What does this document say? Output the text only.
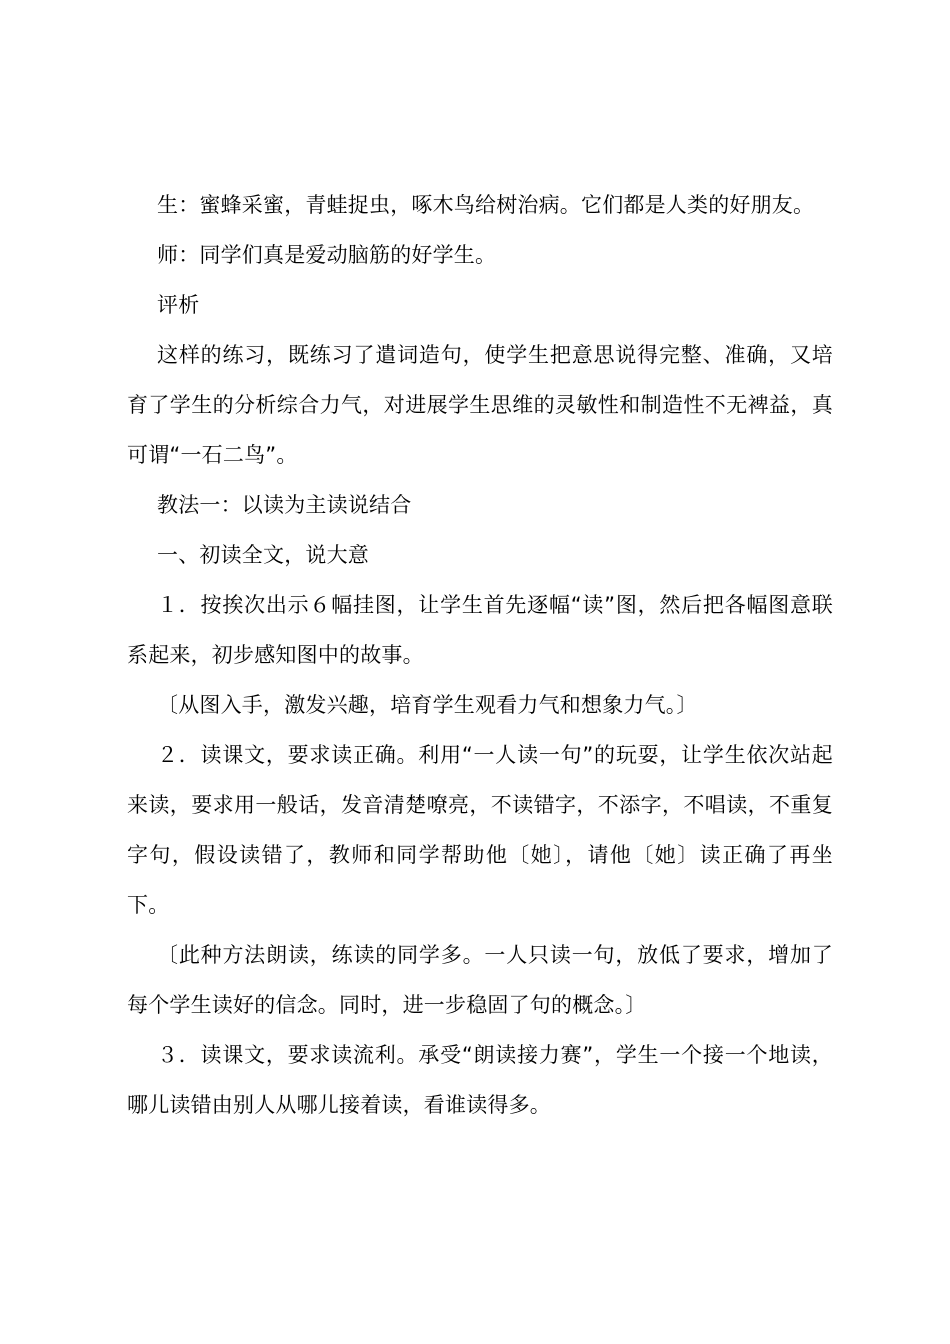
生：蜜蜂采蜜，青蛙捉虫，啄木鸟给树治病。它们都是人类的好朋友。

师：同学们真是爱动脑筋的好学生。

评析

这样的练习，既练习了遣词造句，使学生把意思说得完整、准确，又培育了学生的分析综合力气，对进展学生思维的灵敏性和制造性不无裨益，真可谓“一石二鸟”。

教法一：以读为主读说结合

一、初读全文，说大意

１．按挨次出示６幅挂图，让学生首先逐幅“读”图，然后把各幅图意联系起来，初步感知图中的故事。

〔从图入手，激发兴趣，培育学生观看力气和想象力气。〕

２．读课文，要求读正确。利用“一人读一句”的玩耍，让学生依次站起来读，要求用一般话，发音清楚嘹亮，不读错字，不添字，不唱读，不重复字句，假设读错了，教师和同学帮助他〔她〕，请他〔她〕读正确了再坐下。

〔此种方法朗读，练读的同学多。一人只读一句，放低了要求，增加了每个学生读好的信念。同时，进一步稳固了句的概念。〕

３．读课文，要求读流利。承受“朗读接力赛”，学生一个接一个地读，哪儿读错由别人从哪儿接着读，看谁读得多。
